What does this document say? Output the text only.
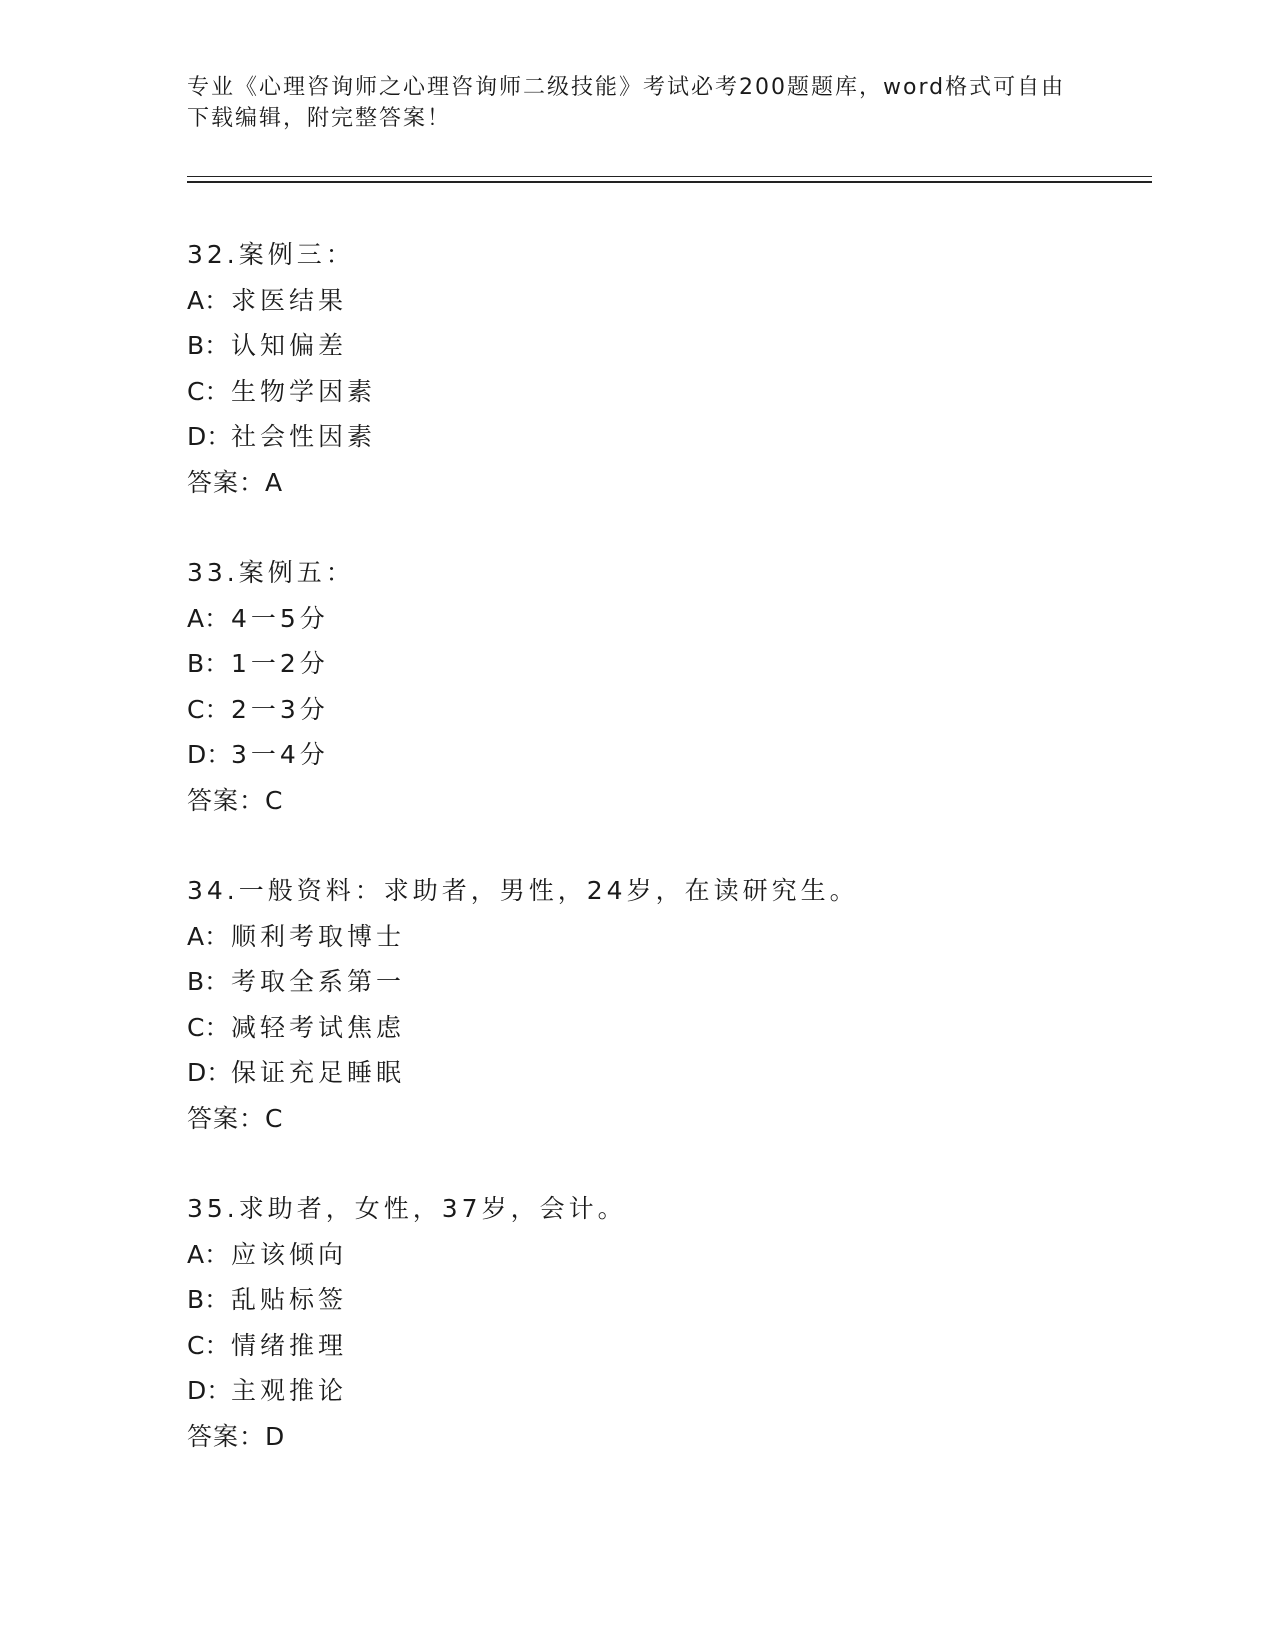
专业《心理咨询师之心理咨询师二级技能》考试必考200题题库，word格式可自由下载编辑，附完整答案！
32.案例三：
A：求医结果
B：认知偏差
C：生物学因素
D：社会性因素
答案：A
33.案例五：
A：4一5分
B：1一2分
C：2一3分
D：3一4分
答案：C
34.一般资料：求助者，男性，24岁，在读研究生。
A：顺利考取博士
B：考取全系第一
C：减轻考试焦虑
D：保证充足睡眠
答案：C
35.求助者，女性，37岁，会计。
A：应该倾向
B：乱贴标签
C：情绪推理
D：主观推论
答案：D
